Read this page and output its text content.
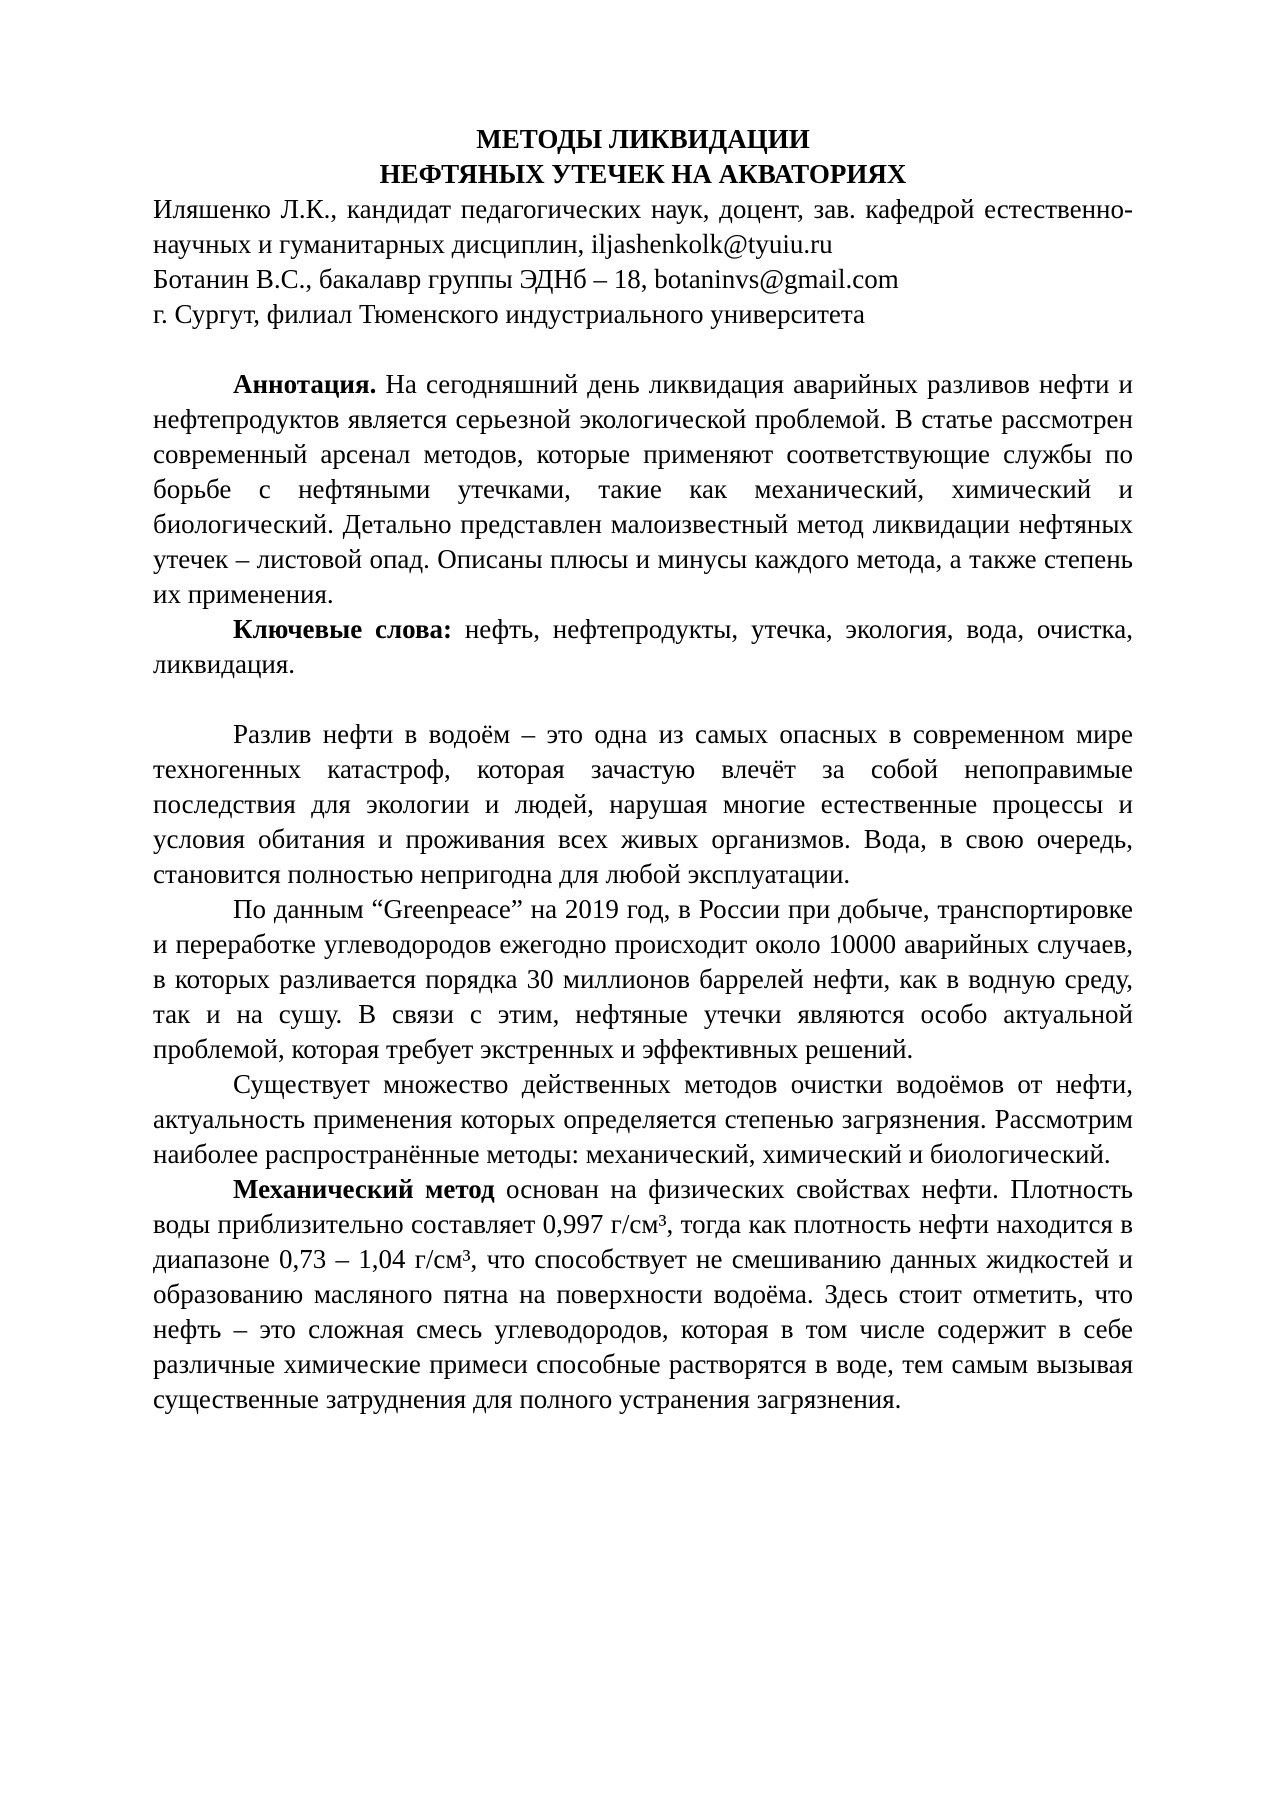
МЕТОДЫ ЛИКВИДАЦИИ
НЕФТЯНЫХ УТЕЧЕК НА АКВАТОРИЯХ

Иляшенко Л.К., кандидат педагогических наук, доцент, зав. кафедрой естественно-научных и гуманитарных дисциплин, iljashenkolk@tyuiu.ru

Ботанин В.С., бакалавр группы ЭДНб – 18, botaninvs@gmail.com

г. Сургут, филиал Тюменского индустриального университета

Аннотация. На сегодняшний день ликвидация аварийных разливов нефти и нефтепродуктов является серьезной экологической проблемой. В статье рассмотрен современный арсенал методов, которые применяют соответствующие службы по борьбе с нефтяными утечками, такие как механический, химический и биологический. Детально представлен малоизвестный метод ликвидации нефтяных утечек – листовой опад. Описаны плюсы и минусы каждого метода, а также степень их применения.

Ключевые слова: нефть, нефтепродукты, утечка, экология, вода, очистка, ликвидация.

Разлив нефти в водоём – это одна из самых опасных в современном мире техногенных катастроф, которая зачастую влечёт за собой непоправимые последствия для экологии и людей, нарушая многие естественные процессы и условия обитания и проживания всех живых организмов. Вода, в свою очередь, становится полностью непригодна для любой эксплуатации.

По данным “Greenpeace” на 2019 год, в России при добыче, транспортировке и переработке углеводородов ежегодно происходит около 10000 аварийных случаев, в которых разливается порядка 30 миллионов баррелей нефти, как в водную среду, так и на сушу. В связи с этим, нефтяные утечки являются особо актуальной проблемой, которая требует экстренных и эффективных решений.

Существует множество действенных методов очистки водоёмов от нефти, актуальность применения которых определяется степенью загрязнения. Рассмотрим наиболее распространённые методы: механический, химический и биологический.

Механический метод основан на физических свойствах нефти. Плотность воды приблизительно составляет 0,997 г/см³, тогда как плотность нефти находится в диапазоне 0,73 – 1,04 г/см³, что способствует не смешиванию данных жидкостей и образованию масляного пятна на поверхности водоёма. Здесь стоит отметить, что нефть – это сложная смесь углеводородов, которая в том числе содержит в себе различные химические примеси способные растворятся в воде, тем самым вызывая существенные затруднения для полного устранения загрязнения.
